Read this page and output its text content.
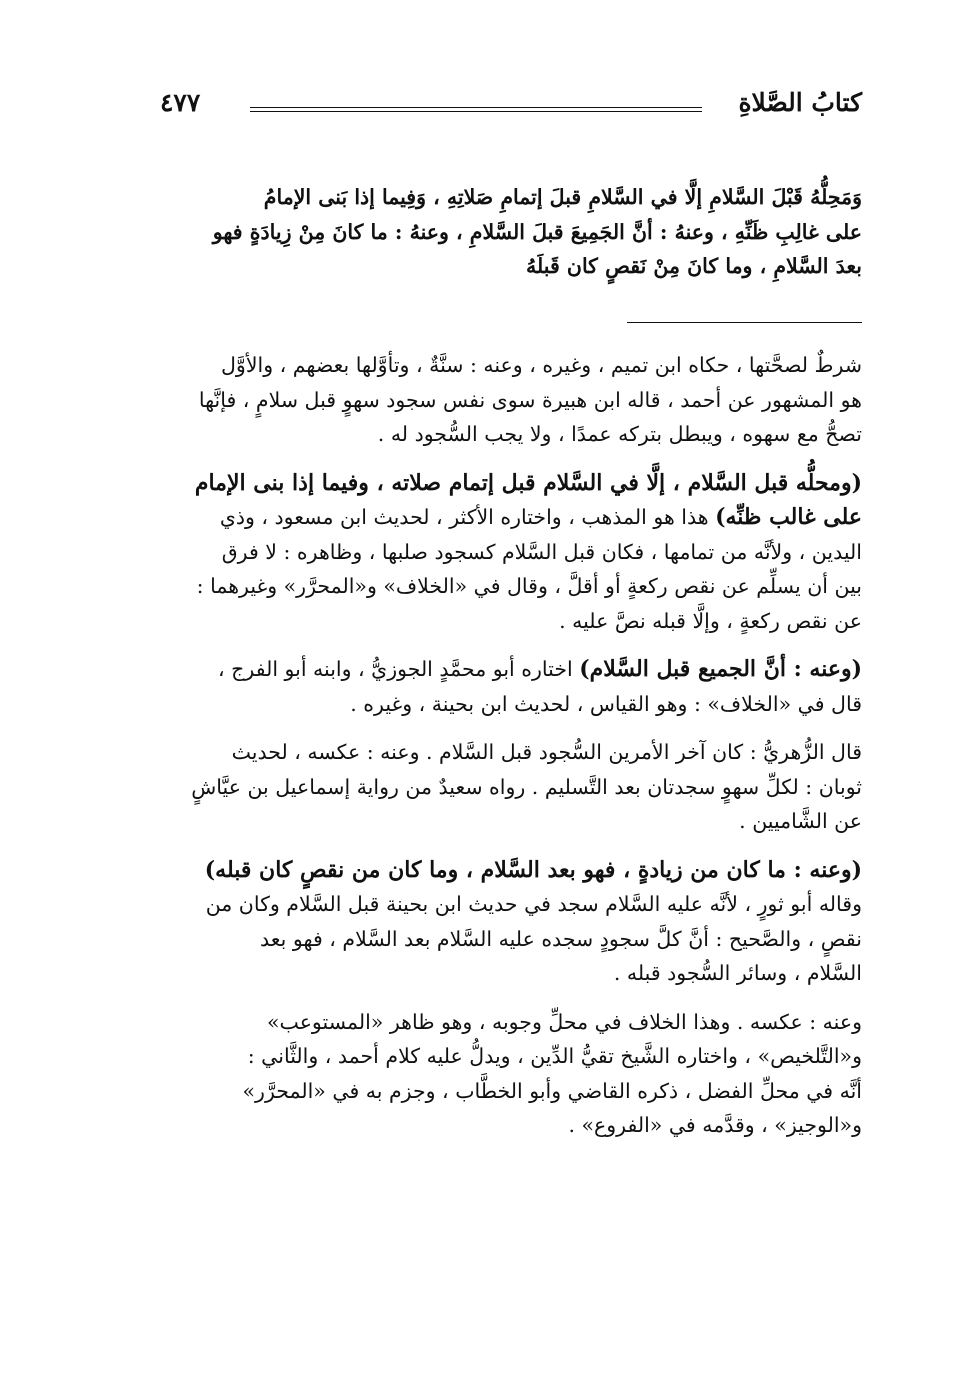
٤٧٧	كتابُ الصَّلاةِ
وَمَحِلُّهُ قَبْلَ السَّلامِ إلَّا في السَّلامِ قبلَ إتمامِ صَلاتِهِ ، وَفِيما إذا بَنى الإمامُ
على غالِبِ ظَنِّهِ ، وعنهُ : أنَّ الجَمِيعَ قبلَ السَّلامِ ، وعنهُ : ما كانَ مِنْ زِيادَةٍ فهو
بعدَ السَّلامِ ، وما كانَ مِنْ نَقصٍ كان قَبلَهُ
شرطٌ لصحَّتها ، حكاه ابن تميم ، وغيره ، وعنه : سنَّةٌ ، وتأوَّلها بعضهم ، والأوَّل
هو المشهور عن أحمد ، قاله ابن هبيرة سوى نفس سجود سهوٍ قبل سلامٍ ، فإنَّها
تصحُّ مع سهوه ، ويبطل بتركه عمدًا ، ولا يجب السُّجود له .
(ومحلُّه قبل السَّلام ، إلَّا في السَّلام قبل إتمام صلاته ، وفيما إذا بنى الإمام
على غالب ظنِّه) هذا هو المذهب ، واختاره الأكثر ، لحديث ابن مسعود ، وذي
اليدين ، ولأنَّه من تمامها ، فكان قبل السَّلام كسجود صلبها ، وظاهره : لا فرق
بين أن يسلِّم عن نقص ركعةٍ أو أقلَّ ، وقال في «الخلاف» و«المحرَّر» وغيرهما :
عن نقص ركعةٍ ، وإلَّا قبله نصَّ عليه .
(وعنه : أنَّ الجميع قبل السَّلام) اختاره أبو محمَّدٍ الجوزيُّ ، وابنه أبو الفرج ،
قال في «الخلاف» : وهو القياس ، لحديث ابن بحينة ، وغيره .
قال الزُّهريُّ : كان آخر الأمرين السُّجود قبل السَّلام . وعنه : عكسه ، لحديث
ثوبان : لكلِّ سهوٍ سجدتان بعد التَّسليم . رواه سعيدٌ من رواية إسماعيل بن عيَّاشٍ
عن الشَّاميين .
(وعنه : ما كان من زيادةٍ ، فهو بعد السَّلام ، وما كان من نقصٍ كان قبله)
وقاله أبو ثورٍ ، لأنَّه عليه السَّلام سجد في حديث ابن بحينة قبل السَّلام وكان من
نقصٍ ، والصَّحيح : أنَّ كلَّ سجودٍ سجده عليه السَّلام بعد السَّلام ، فهو بعد
السَّلام ، وسائر السُّجود قبله .
وعنه : عكسه . وهذا الخلاف في محلِّ وجوبه ، وهو ظاهر «المستوعب»
و«التَّلخيص» ، واختاره الشَّيخ تقيُّ الدِّين ، ويدلُّ عليه كلام أحمد ، والثَّاني :
أنَّه في محلِّ الفضل ، ذكره القاضي وأبو الخطَّاب ، وجزم به في «المحرَّر»
و«الوجيز» ، وقدَّمه في «الفروع» .
